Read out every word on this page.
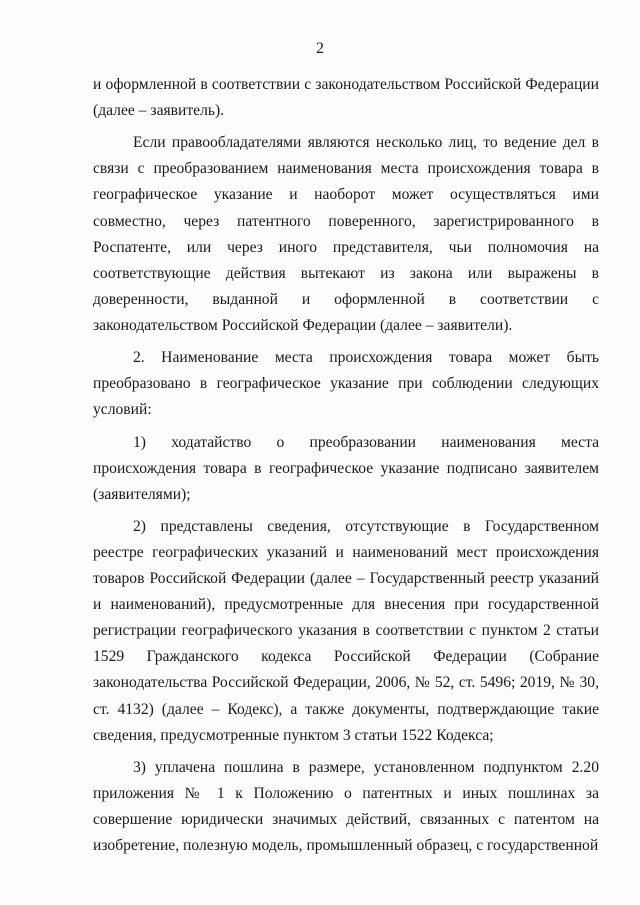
2

и оформленной в соответствии с законодательством Российской Федерации (далее – заявитель).

Если правообладателями являются несколько лиц, то ведение дел в связи с преобразованием наименования места происхождения товара в географическое указание и наоборот может осуществляться ими совместно, через патентного поверенного, зарегистрированного в Роспатенте, или через иного представителя, чьи полномочия на соответствующие действия вытекают из закона или выражены в доверенности, выданной и оформленной в соответствии с законодательством Российской Федерации (далее – заявители).

2. Наименование места происхождения товара может быть преобразовано в географическое указание при соблюдении следующих условий:

1) ходатайство о преобразовании наименования места происхождения товара в географическое указание подписано заявителем (заявителями);

2) представлены сведения, отсутствующие в Государственном реестре географических указаний и наименований мест происхождения товаров Российской Федерации (далее – Государственный реестр указаний и наименований), предусмотренные для внесения при государственной регистрации географического указания в соответствии с пунктом 2 статьи 1529 Гражданского кодекса Российской Федерации (Собрание законодательства Российской Федерации, 2006, № 52, ст. 5496; 2019, № 30, ст. 4132) (далее – Кодекс), а также документы, подтверждающие такие сведения, предусмотренные пунктом 3 статьи 1522 Кодекса;

3) уплачена пошлина в размере, установленном подпунктом 2.20 приложения № 1 к Положению о патентных и иных пошлинах за совершение юридически значимых действий, связанных с патентом на изобретение, полезную модель, промышленный образец, с государственной
